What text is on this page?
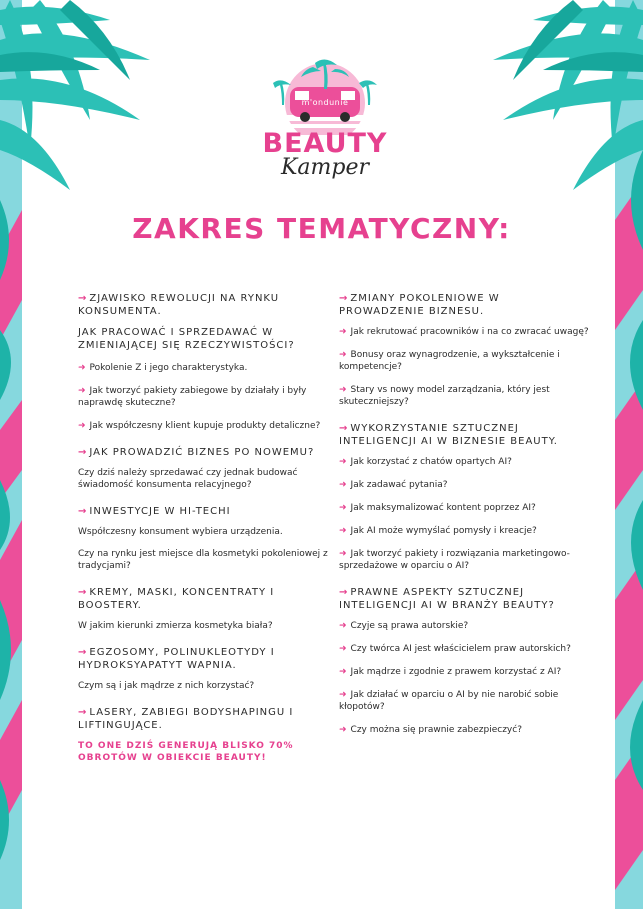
m'ondunie
BEAUTY
Kamper
ZAKRES TEMATYCZNY:
→ ZJAWISKO REWOLUCJI NA RYNKU KONSUMENTA.
JAK PRACOWAĆ I SPRZEDAWAĆ W ZMIENIAJĄCEJ SIĘ RZECZYWISTOŚCI?
➜ Pokolenie Z i jego charakterystyka.
➜ Jak tworzyć pakiety zabiegowe by działały i były naprawdę skuteczne?
➜ Jak współczesny klient kupuje produkty detaliczne?
→ JAK PROWADZIĆ BIZNES PO NOWEMU?
Czy dziś należy sprzedawać czy jednak budować świadomość konsumenta relacyjnego?
→ INWESTYCJE W HI-TECHI
Współczesny konsument wybiera urządzenia.
Czy na rynku jest miejsce dla kosmetyki pokoleniowej z tradycjami?
→ KREMY, MASKI, KONCENTRATY I BOOSTERY.
W jakim kierunki zmierza kosmetyka biała?
→ EGZOSOMY, POLINUKLEOTYDY I HYDROKSYAPATYT WAPNIA.
Czym są i jak mądrze z nich korzystać?
→ LASERY, ZABIEGI BODYSHAPINGU I LIFTINGUJĄCE.
TO ONE DZIŚ GENERUJĄ BLISKO 70% OBROTÓW W OBIEKCIE BEAUTY!
→ ZMIANY POKOLENIOWE W PROWADZENIE BIZNESU.
➜ Jak rekrutować pracowników i na co zwracać uwagę?
➜ Bonusy oraz wynagrodzenie, a wykształcenie i kompetencje?
➜ Stary vs nowy model zarządzania, który jest skuteczniejszy?
→ WYKORZYSTANIE SZTUCZNEJ INTELIGENCJI AI W BIZNESIE BEAUTY.
➜ Jak korzystać z chatów opartych AI?
➜ Jak zadawać pytania?
➜ Jak maksymalizować kontent poprzez AI?
➜ Jak AI może wymyślać pomysły i kreacje?
➜ Jak tworzyć pakiety i rozwiązania marketingowo-sprzedażowe w oparciu o AI?
→ PRAWNE ASPEKTY SZTUCZNEJ INTELIGENCJI AI W BRANŻY BEAUTY?
➜ Czyje są prawa autorskie?
➜ Czy twórca AI jest właścicielem praw autorskich?
➜ Jak mądrze i zgodnie z prawem korzystać z AI?
➜ Jak działać w oparciu o AI by nie narobić sobie kłopotów?
➜ Czy można się prawnie zabezpieczyć?
